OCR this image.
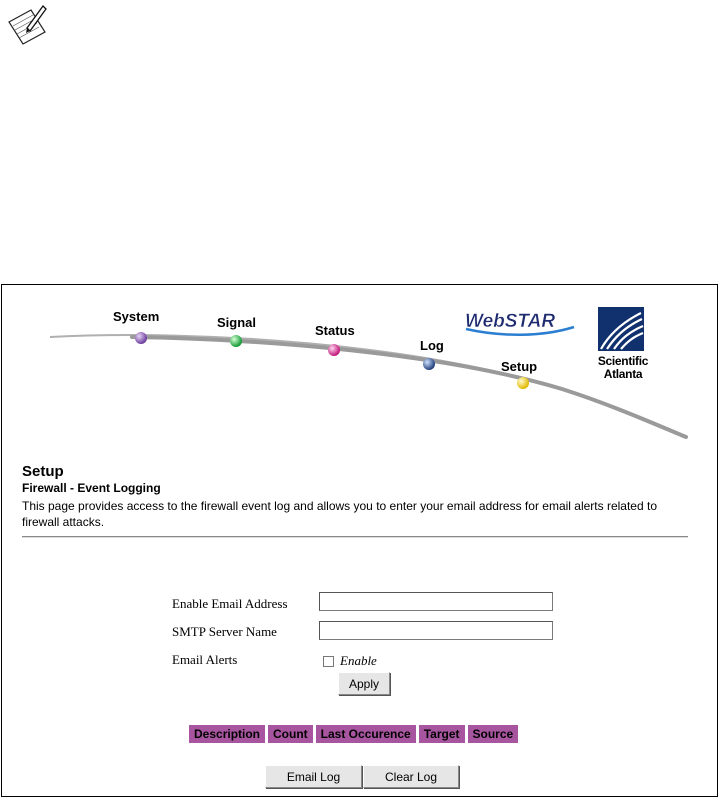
System	Signal
Status
Log
Setup
WebSTAR
Scientific
Atlanta
Setup
Firewall - Event Logging
This page provides access to the firewall event log and allows you to enter your email address for email alerts related to firewall attacks.
Enable Email Address
SMTP Server Name
Email Alerts	Enable
Apply
Description	Count	Last Occurence	Target	Source
Email Log	Clear Log
